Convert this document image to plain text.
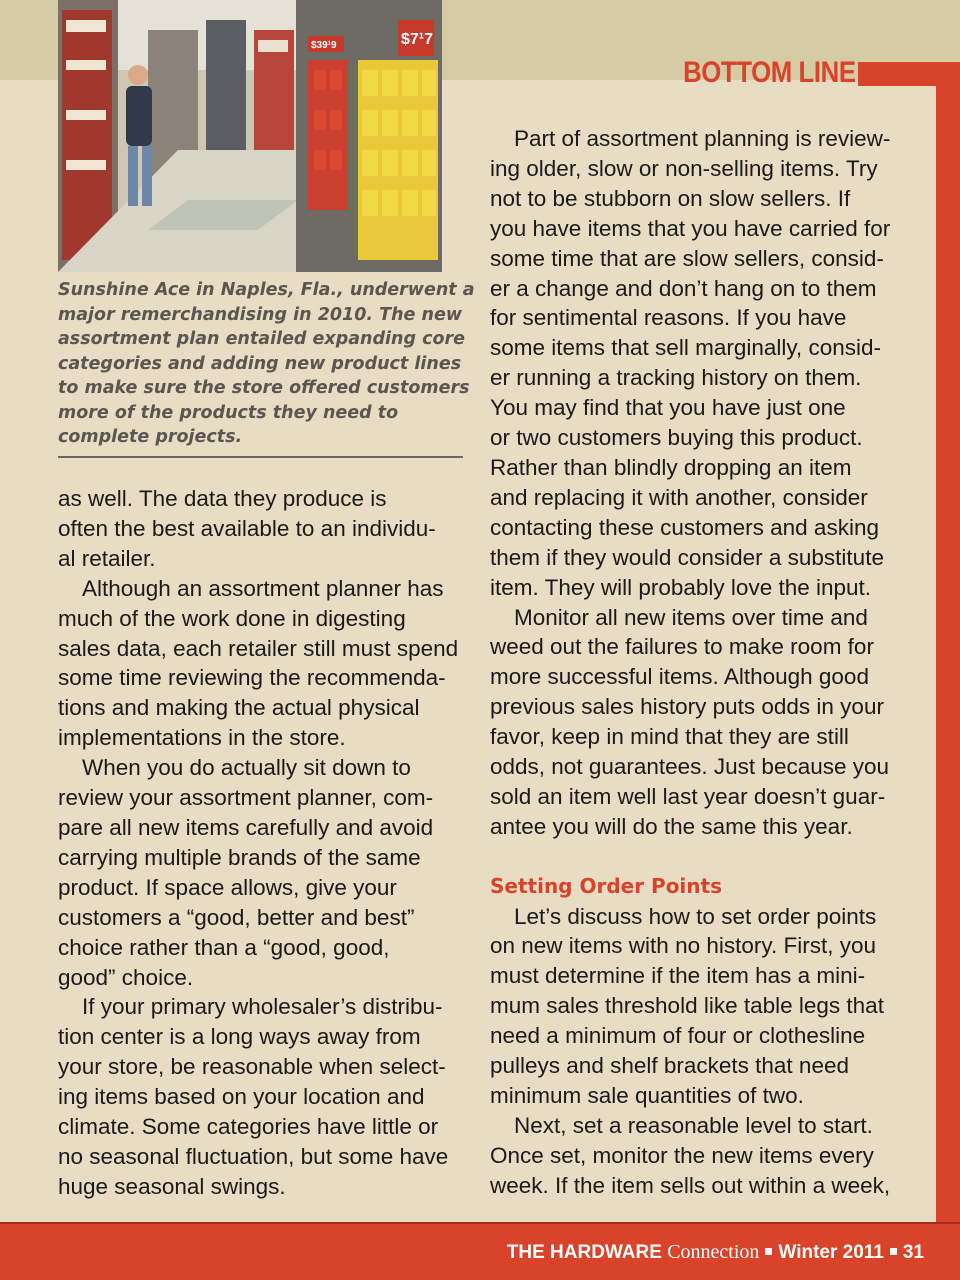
BOTTOM LINE
$7¹7
$39¹9
Sunshine Ace in Naples, Fla., underwent a
major remerchandising in 2010. The new
assortment plan entailed expanding core
categories and adding new product lines
to make sure the store offered customers
more of the products they need to
complete projects.
as well. The data they produce is
often the best available to an individu-
al retailer.
Although an assortment planner has
much of the work done in digesting
sales data, each retailer still must spend
some time reviewing the recommenda-
tions and making the actual physical
implementations in the store.
When you do actually sit down to
review your assortment planner, com-
pare all new items carefully and avoid
carrying multiple brands of the same
product. If space allows, give your
customers a “good, better and best”
choice rather than a “good, good,
good” choice.
If your primary wholesaler’s distribu-
tion center is a long ways away from
your store, be reasonable when select-
ing items based on your location and
climate. Some categories have little or
no seasonal fluctuation, but some have
huge seasonal swings.
Part of assortment planning is review-
ing older, slow or non-selling items. Try
not to be stubborn on slow sellers. If
you have items that you have carried for
some time that are slow sellers, consid-
er a change and don’t hang on to them
for sentimental reasons. If you have
some items that sell marginally, consid-
er running a tracking history on them.
You may find that you have just one
or two customers buying this product.
Rather than blindly dropping an item
and replacing it with another, consider
contacting these customers and asking
them if they would consider a substitute
item. They will probably love the input.
Monitor all new items over time and
weed out the failures to make room for
more successful items. Although good
previous sales history puts odds in your
favor, keep in mind that they are still
odds, not guarantees. Just because you
sold an item well last year doesn’t guar-
antee you will do the same this year.
Setting Order Points
Let’s discuss how to set order points
on new items with no history. First, you
must determine if the item has a mini-
mum sales threshold like table legs that
need a minimum of four or clothesline
pulleys and shelf brackets that need
minimum sale quantities of two.
Next, set a reasonable level to start.
Once set, monitor the new items every
week. If the item sells out within a week,
THE HARDWARE Connection Winter 2011 31
